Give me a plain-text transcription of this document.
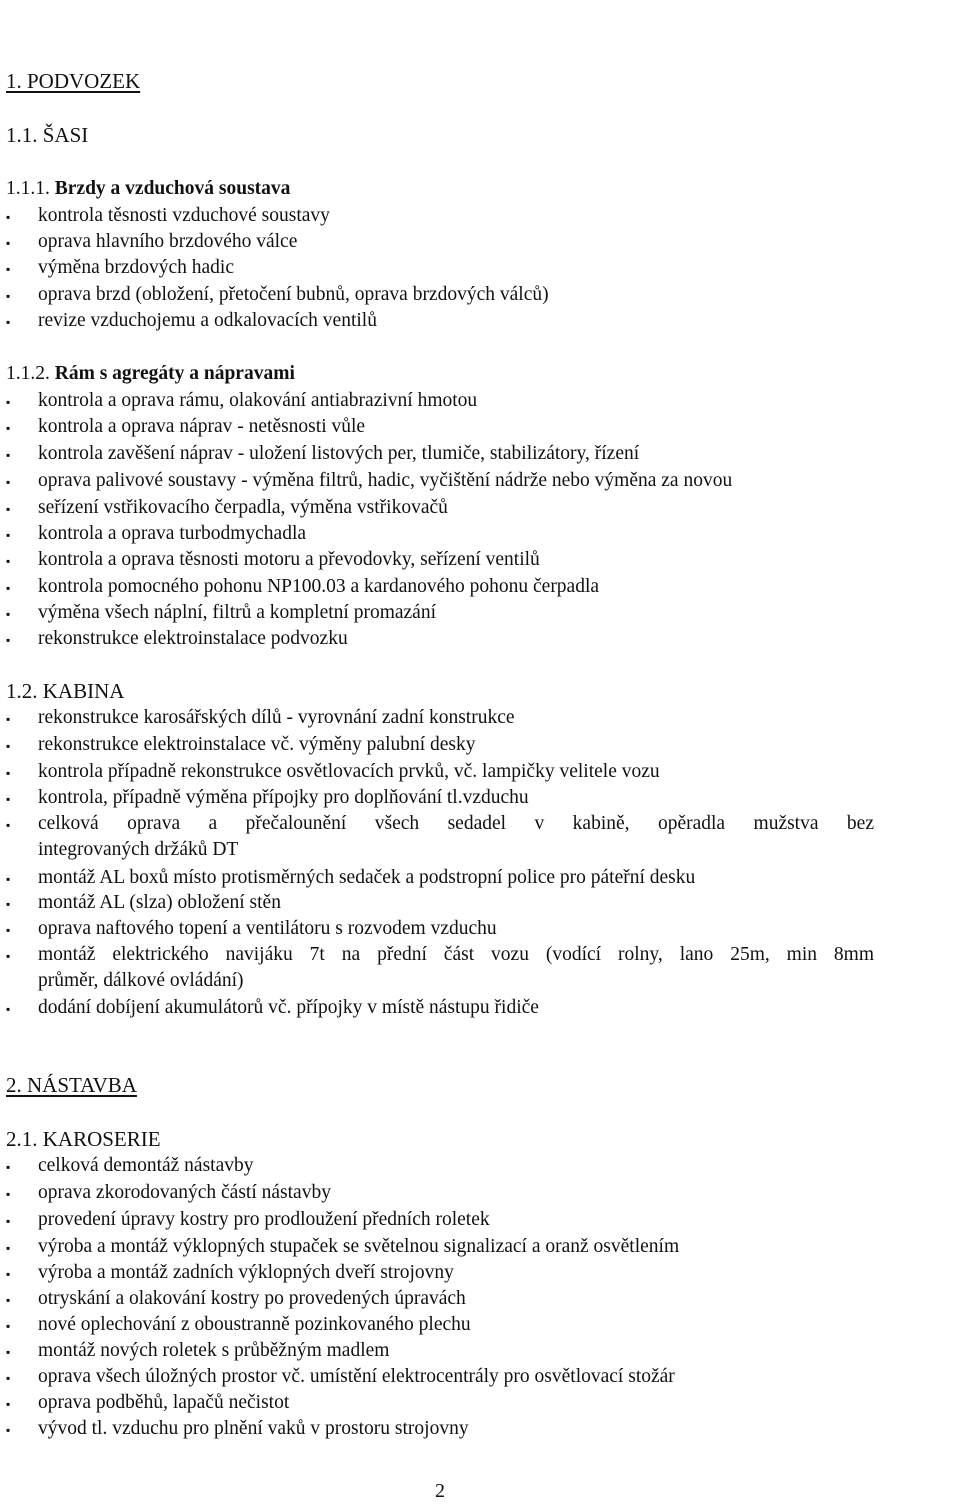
1. PODVOZEK
1.1. ŠASI
1.1.1. Brzdy a vzduchová soustava
▪	kontrola těsnosti vzduchové soustavy
▪	oprava hlavního brzdového válce
▪	výměna brzdových hadic
▪	oprava brzd (obložení, přetočení bubnů, oprava brzdových válců)
▪	revize vzduchojemu a odkalovacích ventilů
1.1.2. Rám s agregáty a nápravami
▪	kontrola a oprava rámu, olakování antiabrazivní hmotou
▪	kontrola a oprava náprav - netěsnosti vůle
▪	kontrola zavěšení náprav - uložení listových per, tlumiče, stabilizátory, řízení
▪	oprava palivové soustavy - výměna filtrů, hadic, vyčištění nádrže nebo výměna za novou
▪	seřízení vstřikovacího čerpadla, výměna vstřikovačů
▪	kontrola a oprava turbodmychadla
▪	kontrola a oprava těsnosti motoru a převodovky, seřízení ventilů
▪	kontrola pomocného pohonu NP100.03 a kardanového pohonu čerpadla
▪	výměna všech náplní, filtrů a kompletní promazání
▪	rekonstrukce elektroinstalace podvozku
1.2. KABINA
▪	rekonstrukce karosářských dílů - vyrovnání zadní konstrukce
▪	rekonstrukce elektroinstalace vč. výměny palubní desky
▪	kontrola případně rekonstrukce osvětlovacích prvků, vč. lampičky velitele vozu
▪	kontrola, případně výměna přípojky pro doplňování tl.vzduchu
▪	celková oprava a přečalounění všech sedadel v kabině, opěradla mužstva bez
integrovaných držáků DT
▪	montáž AL boxů místo protisměrných sedaček a podstropní police pro páteřní desku
▪	montáž AL (slza) obložení stěn
▪	oprava naftového topení a ventilátoru s rozvodem vzduchu
▪	montáž elektrického navijáku 7t na přední část vozu (vodící rolny, lano 25m, min 8mm
průměr, dálkové ovládání)
▪	dodání dobíjení akumulátorů vč. přípojky v místě nástupu řidiče
2. NÁSTAVBA
2.1. KAROSERIE
▪	celková demontáž nástavby
▪	oprava zkorodovaných částí nástavby
▪	provedení úpravy kostry pro prodloužení předních roletek
▪	výroba a montáž výklopných stupaček se světelnou signalizací a oranž osvětlením
▪	výroba a montáž zadních výklopných dveří strojovny
▪	otryskání a olakování kostry po provedených úpravách
▪	nové oplechování z oboustranně pozinkovaného plechu
▪	montáž nových roletek s průběžným madlem
▪	oprava všech úložných prostor vč. umístění elektrocentrály pro osvětlovací stožár
▪	oprava podběhů, lapačů nečistot
▪	vývod tl. vzduchu pro plnění vaků v prostoru strojovny
2
